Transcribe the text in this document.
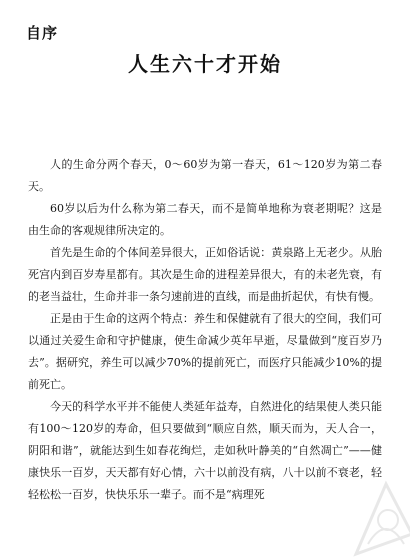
自序
人生六十才开始

人的生命分两个春天，0～60岁为第一春天，61～120岁为第二春天。

60岁以后为什么称为第二春天，而不是简单地称为衰老期呢？这是由生命的客观规律所决定的。

首先是生命的个体间差异很大，正如俗话说：黄泉路上无老少。从胎死宫内到百岁寿星都有。其次是生命的进程差异很大，有的未老先衰，有的老当益壮，生命并非一条匀速前进的直线，而是曲折起伏，有快有慢。

正是由于生命的这两个特点：养生和保健就有了很大的空间，我们可以通过关爱生命和守护健康，使生命减少英年早逝，尽量做到“度百岁乃去”。据研究，养生可以减少70%的提前死亡，而医疗只能减少10%的提前死亡。

今天的科学水平并不能使人类延年益寿，自然进化的结果使人类只能有100～120岁的寿命，但只要做到“顺应自然，顺天而为，天人合一，阴阳和谐”，就能达到生如春花绚烂，走如秋叶静美的“自然凋亡”——健康快乐一百岁，天天都有好心情，六十以前没有病，八十以前不衰老，轻轻松松一百岁，快快乐乐一辈子。而不是“病理死
